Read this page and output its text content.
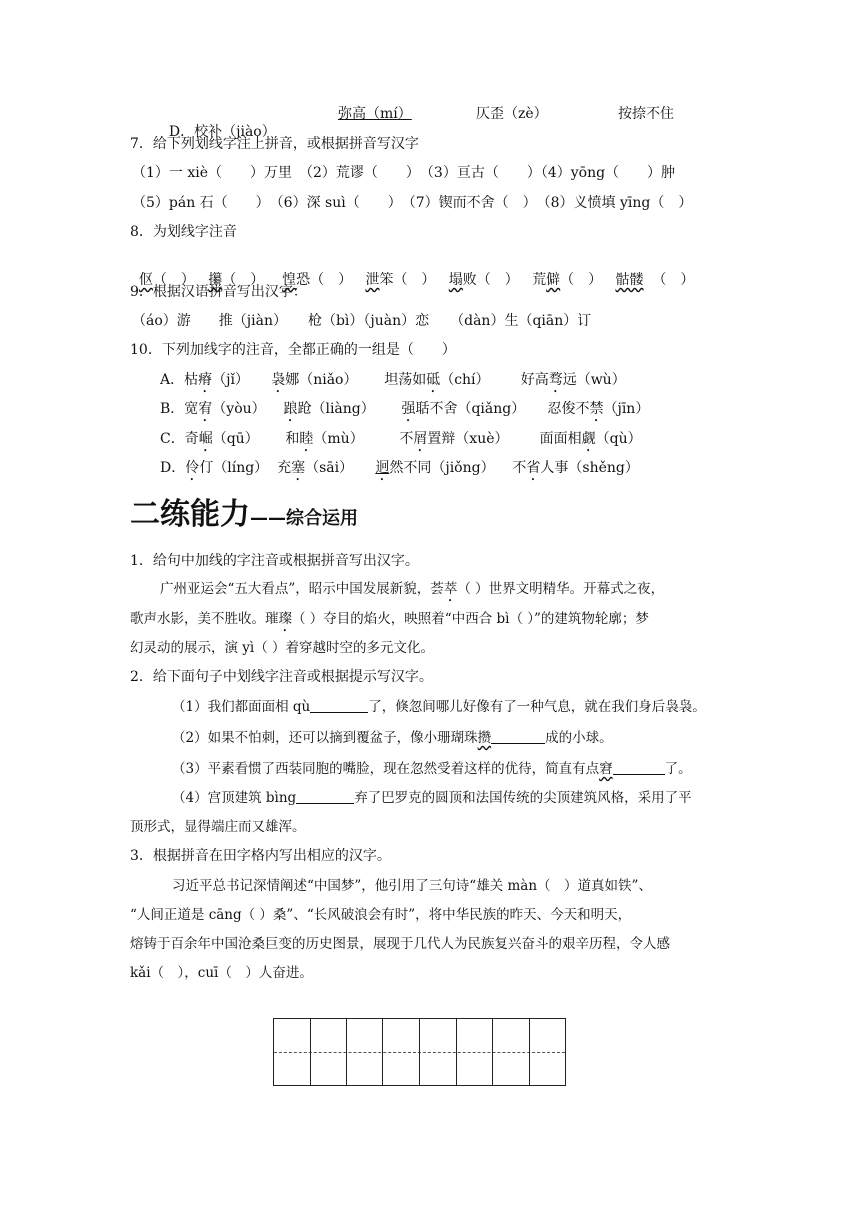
D．校补（jiào）

弥高（mí）	仄歪（zè）	按捺不住
7．给下列划线字注上拼音，或根据拼音写汉字
（1）一 xiè（　　）万里　（2）荒谬（　　）　（3）亘古（　　）（4）yōng（　　）肿
（5）pán 石（　　）　（6）深 suì（　　）　（7）锲而不舍（　）　（8）义愤填 yīng（　）
8．为划线字注音

伛（　） 攥（　） 惶恐（　） 泄笨（　） 塌败（　） 荒僻（　） 骷髅 （　）

9．根据汉语拼音写出汉字：
（áo）游　　推（jiàn）　　枪（bì）（juàn）恋　　（dàn）生（qiān）订
10．下列加线字的注音，全都正确的一组是（　　）
A．枯瘠（jǐ） 袅娜（niǎo） 坦荡如砥（chí） 好高骛远（wù）
B．宽宥（yòu） 踉跄（liàng） 强聒不舍（qiǎng） 忍俊不禁（jīn）
C．奇崛（qū） 和睦（mù）	不屑置辩（xuè） 面面相觑（qù）
D．伶仃（líng） 充塞（sāi） 迥然不同（jiǒng） 不省人事（shěng）
二练能力——综合运用
1．给句中加线的字注音或根据拼音写出汉字。
广州亚运会“五大看点”，昭示中国发展新貌，荟萃（ ）世界文明精华。开幕式之夜，
歌声水影，美不胜收。璀璨（ ）夺目的焰火，映照着“中西合 bì（ ）”的建筑物轮廓；梦
幻灵动的展示，演 yì（ ）着穿越时空的多元文化。
2．给下面句子中划线字注音或根据提示写汉字。
（1）我们都面面相 qù	了，倏忽间哪儿好像有了一种气息，就在我们身后袅袅。
（2）如果不怕刺，还可以摘到覆盆子，像小珊瑚珠攒	成的小球。
（3）平素看惯了西装同胞的嘴脸，现在忽然受着这样的优待，简直有点窘	了。
（4）宫顶建筑 bìng	弃了巴罗克的圆顶和法国传统的尖顶建筑风格，采用了平
顶形式，显得端庄而又雄浑。
3．根据拼音在田字格内写出相应的汉字。
习近平总书记深情阐述“中国梦”，他引用了三句诗“雄关 màn（　）道真如铁”、
“人间正道是 cāng（ ）桑”、“长风破浪会有时”，将中华民族的昨天、今天和明天，
熔铸于百余年中国沧桑巨变的历史图景，展现于几代人为民族复兴奋斗的艰辛历程，令人感
kǎi（　），cuī（　）人奋进。
